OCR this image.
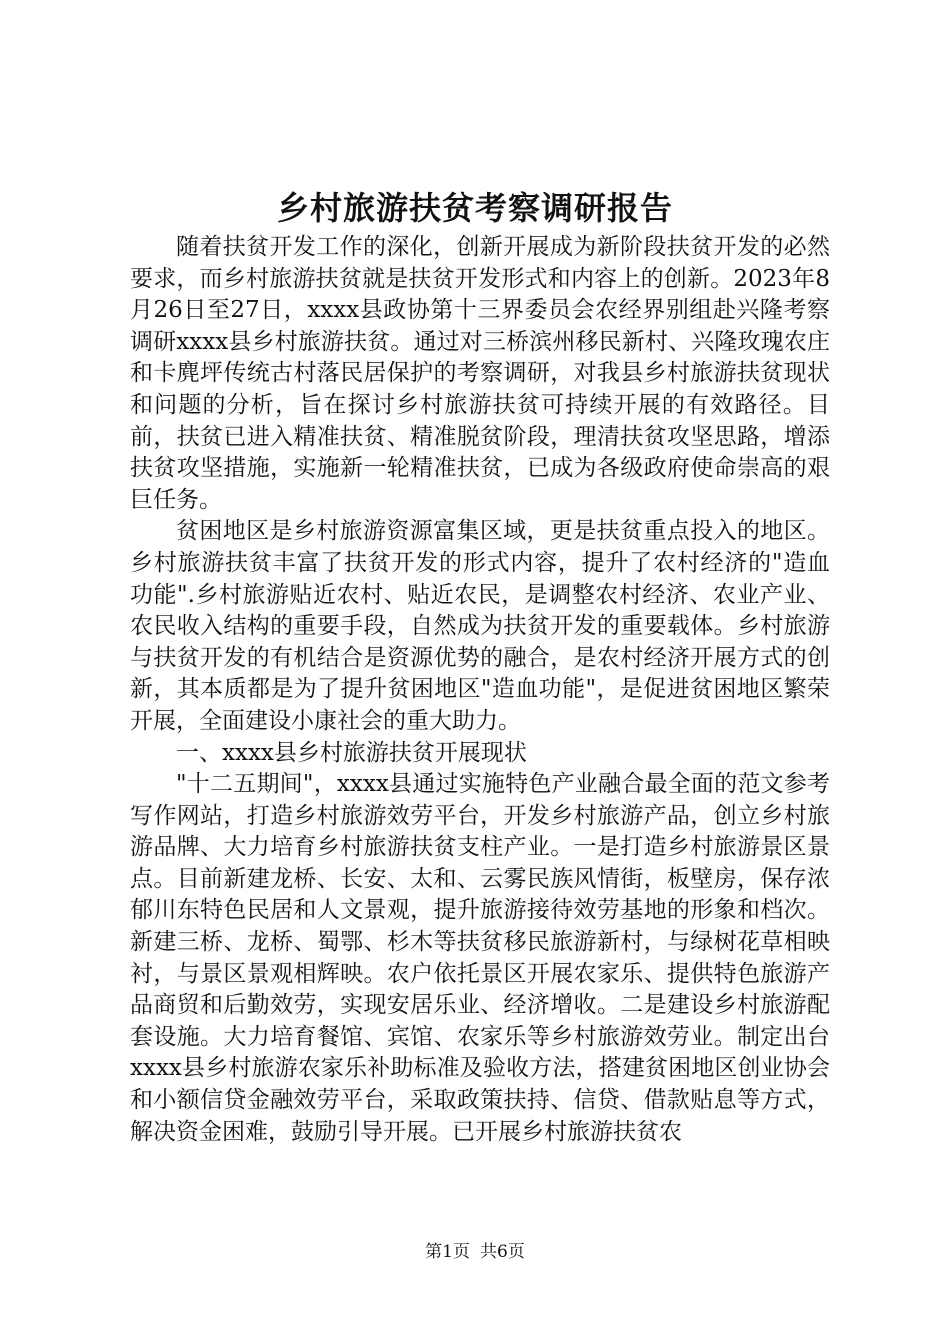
乡村旅游扶贫考察调研报告

随着扶贫开发工作的深化，创新开展成为新阶段扶贫开发的必然要求，而乡村旅游扶贫就是扶贫开发形式和内容上的创新。2023年8月26日至27日，xxxx县政协第十三界委员会农经界别组赴兴隆考察调研xxxx县乡村旅游扶贫。通过对三桥滨州移民新村、兴隆玫瑰农庄和卡麂坪传统古村落民居保护的考察调研，对我县乡村旅游扶贫现状和问题的分析，旨在探讨乡村旅游扶贫可持续开展的有效路径。目前，扶贫已进入精准扶贫、精准脱贫阶段，理清扶贫攻坚思路，增添扶贫攻坚措施，实施新一轮精准扶贫，已成为各级政府使命崇高的艰巨任务。

贫困地区是乡村旅游资源富集区域，更是扶贫重点投入的地区。乡村旅游扶贫丰富了扶贫开发的形式内容，提升了农村经济的"造血功能".乡村旅游贴近农村、贴近农民，是调整农村经济、农业产业、农民收入结构的重要手段，自然成为扶贫开发的重要载体。乡村旅游与扶贫开发的有机结合是资源优势的融合，是农村经济开展方式的创新，其本质都是为了提升贫困地区"造血功能"，是促进贫困地区繁荣开展，全面建设小康社会的重大助力。

一、xxxx县乡村旅游扶贫开展现状

"十二五期间"，xxxx县通过实施特色产业融合最全面的范文参考写作网站，打造乡村旅游效劳平台，开发乡村旅游产品，创立乡村旅游品牌、大力培育乡村旅游扶贫支柱产业。一是打造乡村旅游景区景点。目前新建龙桥、长安、太和、云雾民族风情街，板壁房，保存浓郁川东特色民居和人文景观，提升旅游接待效劳基地的形象和档次。新建三桥、龙桥、蜀鄂、杉木等扶贫移民旅游新村，与绿树花草相映衬，与景区景观相辉映。农户依托景区开展农家乐、提供特色旅游产品商贸和后勤效劳，实现安居乐业、经济增收。二是建设乡村旅游配套设施。大力培育餐馆、宾馆、农家乐等乡村旅游效劳业。制定出台xxxx县乡村旅游农家乐补助标准及验收方法，搭建贫困地区创业协会和小额信贷金融效劳平台，采取政策扶持、信贷、借款贴息等方式，解决资金困难，鼓励引导开展。已开展乡村旅游扶贫农

第1页 共6页
